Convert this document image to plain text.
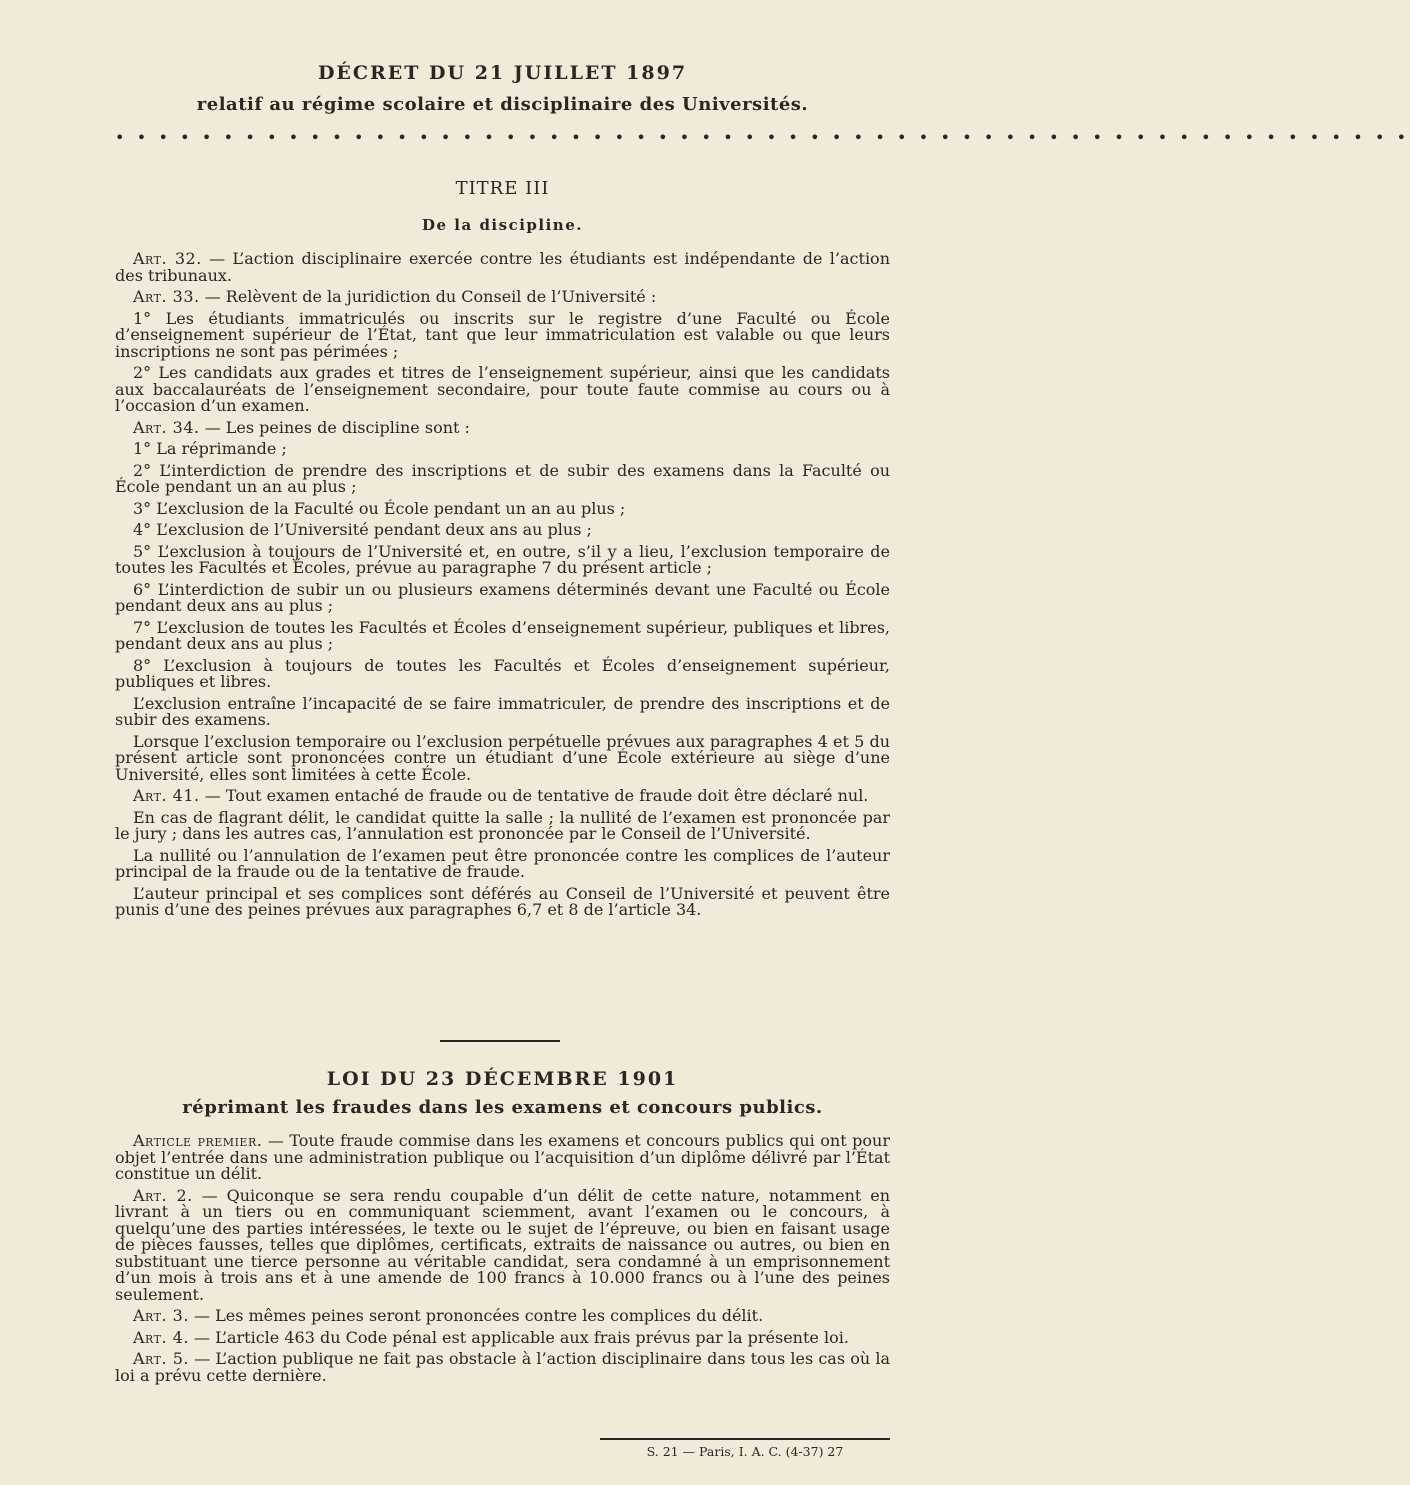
DÉCRET DU 21 JUILLET 1897
relatif au régime scolaire et disciplinaire des Universités.
• • • • • • • • • • • • • • • • • • • • • • • • • • • • • • • • • • • • • • • • • • • • • • • • • • • • • • • • • • • •
TITRE III
De la discipline.

Art. 32. — L’action disciplinaire exercée contre les étudiants est indépendante de l’action des tribunaux.

Art. 33. — Relèvent de la juridiction du Conseil de l’Université :

1° Les étudiants immatriculés ou inscrits sur le registre d’une Faculté ou École d’enseignement supérieur de l’État, tant que leur immatriculation est valable ou que leurs inscriptions ne sont pas périmées ;

2° Les candidats aux grades et titres de l’enseignement supérieur, ainsi que les candidats aux baccalauréats de l’enseignement secondaire, pour toute faute commise au cours ou à l’occasion d’un examen.

Art. 34. — Les peines de discipline sont :

1° La réprimande ;

2° L’interdiction de prendre des inscriptions et de subir des examens dans la Faculté ou École pendant un an au plus ;

3° L’exclusion de la Faculté ou École pendant un an au plus ;

4° L’exclusion de l’Université pendant deux ans au plus ;

5° L’exclusion à toujours de l’Université et, en outre, s’il y a lieu, l’exclusion temporaire de toutes les Facultés et Écoles, prévue au paragraphe 7 du présent article ;

6° L’interdiction de subir un ou plusieurs examens déterminés devant une Faculté ou École pendant deux ans au plus ;

7° L’exclusion de toutes les Facultés et Écoles d’enseignement supérieur, publiques et libres, pendant deux ans au plus ;

8° L’exclusion à toujours de toutes les Facultés et Écoles d’enseignement supérieur, publiques et libres.

L’exclusion entraîne l’incapacité de se faire immatriculer, de prendre des inscriptions et de subir des examens.

Lorsque l’exclusion temporaire ou l’exclusion perpétuelle prévues aux paragraphes 4 et 5 du présent article sont prononcées contre un étudiant d’une École extérieure au siège d’une Université, elles sont limitées à cette École.

Art. 41. — Tout examen entaché de fraude ou de tentative de fraude doit être déclaré nul.

En cas de flagrant délit, le candidat quitte la salle ; la nullité de l’examen est prononcée par le jury ; dans les autres cas, l’annulation est prononcée par le Conseil de l’Université.

La nullité ou l’annulation de l’examen peut être prononcée contre les complices de l’auteur principal de la fraude ou de la tentative de fraude.

L’auteur principal et ses complices sont déférés au Conseil de l’Université et peuvent être punis d’une des peines prévues aux paragraphes 6,7 et 8 de l’article 34.

LOI DU 23 DÉCEMBRE 1901
réprimant les fraudes dans les examens et concours publics.

Article premier. — Toute fraude commise dans les examens et concours publics qui ont pour objet l’entrée dans une administration publique ou l’acquisition d’un diplôme délivré par l’État constitue un délit.

Art. 2. — Quiconque se sera rendu coupable d’un délit de cette nature, notamment en livrant à un tiers ou en communiquant sciemment, avant l’examen ou le concours, à quelqu’une des parties intéressées, le texte ou le sujet de l’épreuve, ou bien en faisant usage de pièces fausses, telles que diplômes, certificats, extraits de naissance ou autres, ou bien en substituant une tierce personne au véritable candidat, sera condamné à un emprisonnement d’un mois à trois ans et à une amende de 100 francs à 10.000 francs ou à l’une des peines seulement.

Art. 3. — Les mêmes peines seront prononcées contre les complices du délit.

Art. 4. — L’article 463 du Code pénal est applicable aux frais prévus par la présente loi.

Art. 5. — L’action publique ne fait pas obstacle à l’action disciplinaire dans tous les cas où la loi a prévu cette dernière.

S. 21 — Paris, I. A. C. (4-37) 27
